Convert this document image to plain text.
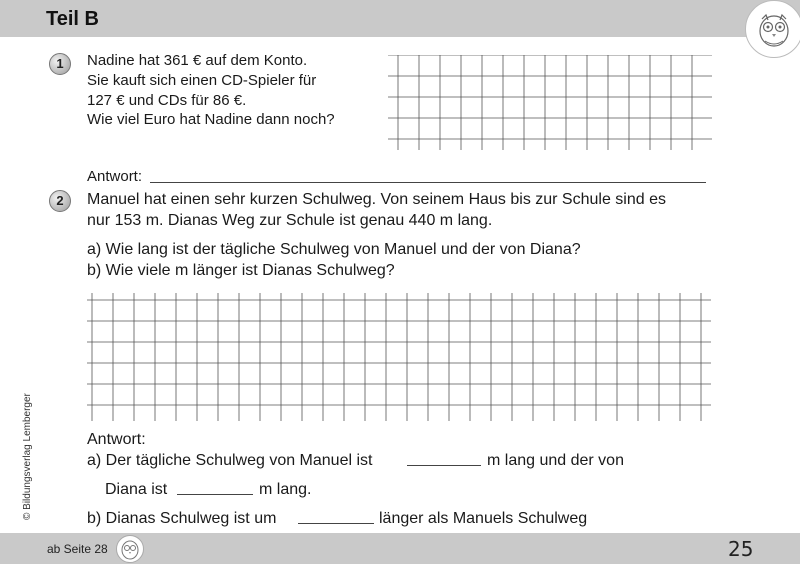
Teil B
1	Nadine hat 361 € auf dem Konto.
Sie kauft sich einen CD-Spieler für
127 € und CDs für 86 €.
Wie viel Euro hat Nadine dann noch?
Antwort:
2	Manuel hat einen sehr kurzen Schulweg. Von seinem Haus bis zur Schule sind es
nur 153 m. Dianas Weg zur Schule ist genau 440 m lang.
a) Wie lang ist der tägliche Schulweg von Manuel und der von Diana?
b) Wie viele m länger ist Dianas Schulweg?
Antwort:
a) Der tägliche Schulweg von Manuel ist	m lang und der von
Diana ist	m lang.
b) Dianas Schulweg ist um	länger als Manuels Schulweg
© Bildungsverlag Lemberger
ab Seite 28	25
